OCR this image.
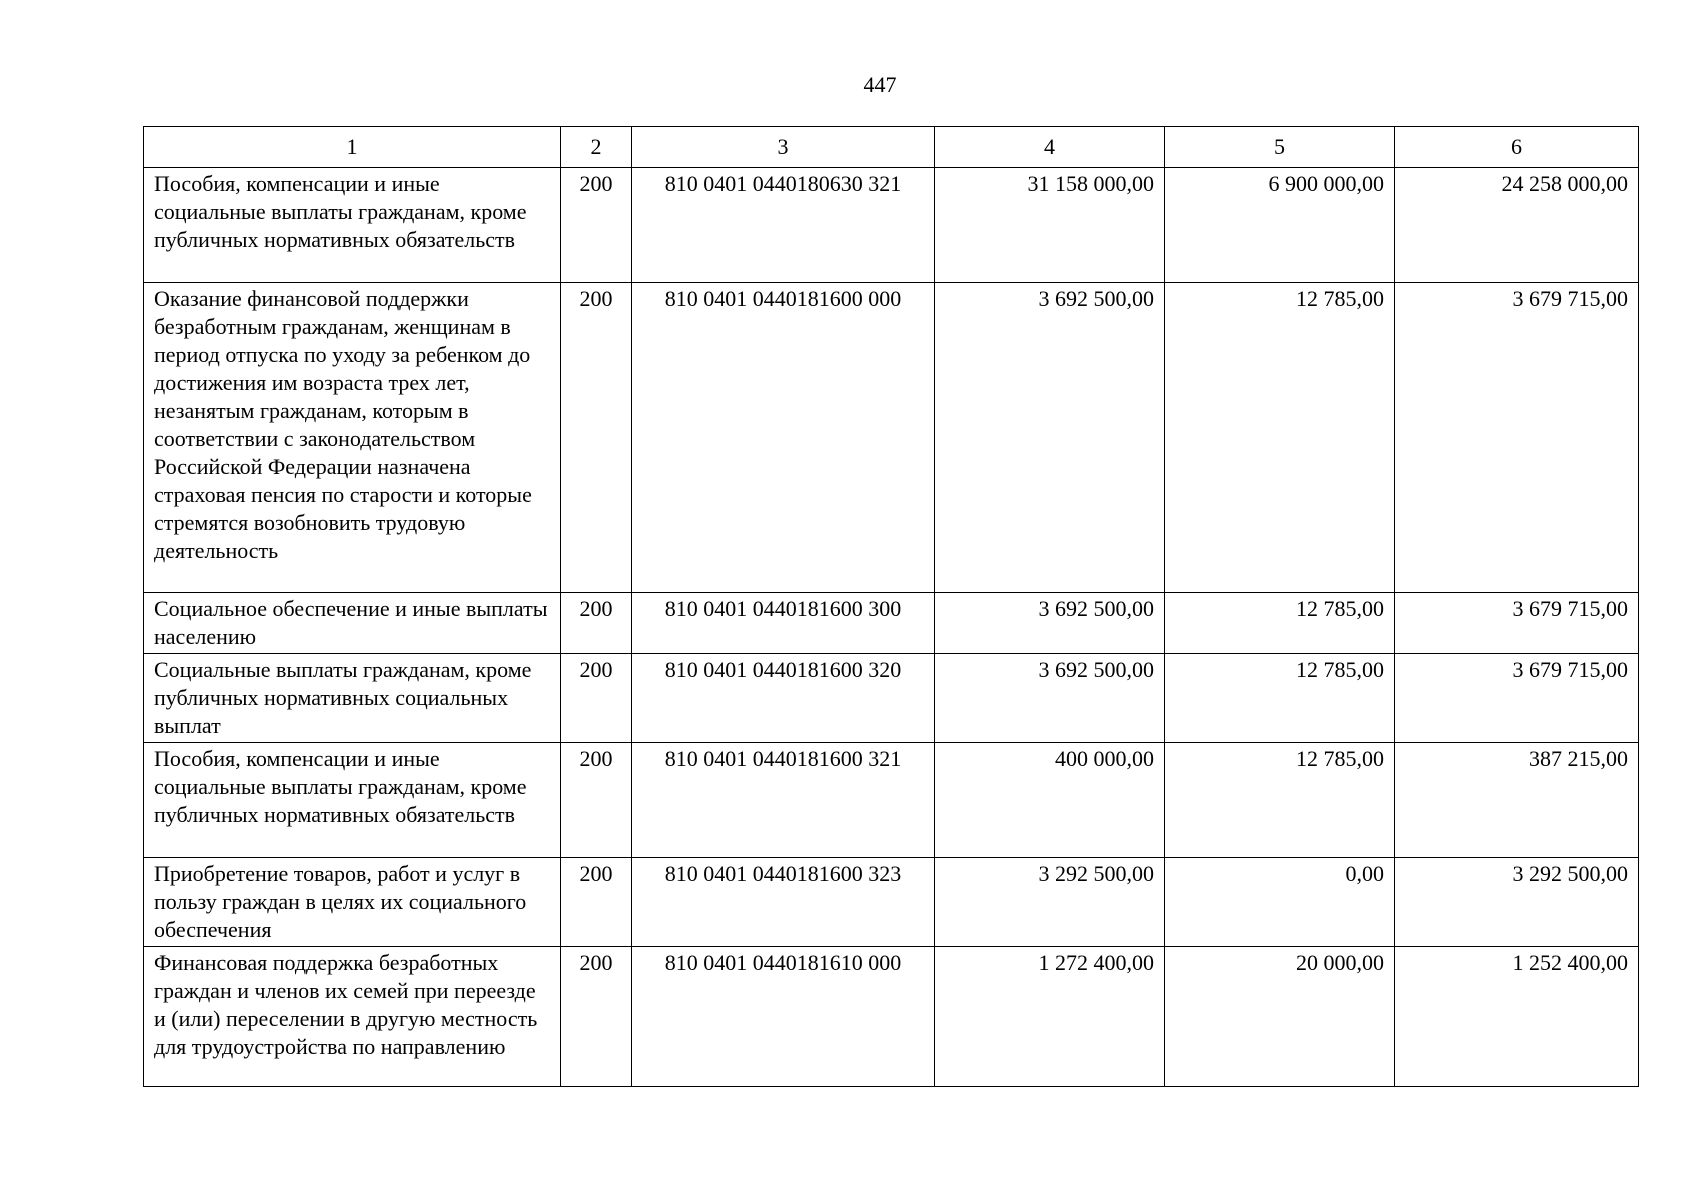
447
1	2	3	4	5	6
Пособия, компенсации и иные социальные выплаты гражданам, кроме публичных нормативных обязательств	200	810 0401 0440180630 321	31 158 000,00	6 900 000,00	24 258 000,00
Оказание финансовой поддержки безработным гражданам, женщинам в период отпуска по уходу за ребенком до достижения им возраста трех лет, незанятым гражданам, которым в соответствии с законодательством Российской Федерации назначена страховая пенсия по старости и которые стремятся возобновить трудовую деятельность	200	810 0401 0440181600 000	3 692 500,00	12 785,00	3 679 715,00
Социальное обеспечение и иные выплаты населению	200	810 0401 0440181600 300	3 692 500,00	12 785,00	3 679 715,00
Социальные выплаты гражданам, кроме публичных нормативных социальных выплат	200	810 0401 0440181600 320	3 692 500,00	12 785,00	3 679 715,00
Пособия, компенсации и иные социальные выплаты гражданам, кроме публичных нормативных обязательств	200	810 0401 0440181600 321	400 000,00	12 785,00	387 215,00
Приобретение товаров, работ и услуг в пользу граждан в целях их социального обеспечения	200	810 0401 0440181600 323	3 292 500,00	0,00	3 292 500,00
Финансовая поддержка безработных граждан и членов их семей при переезде и (или) переселении в другую местность для трудоустройства по направлению	200	810 0401 0440181610 000	1 272 400,00	20 000,00	1 252 400,00
